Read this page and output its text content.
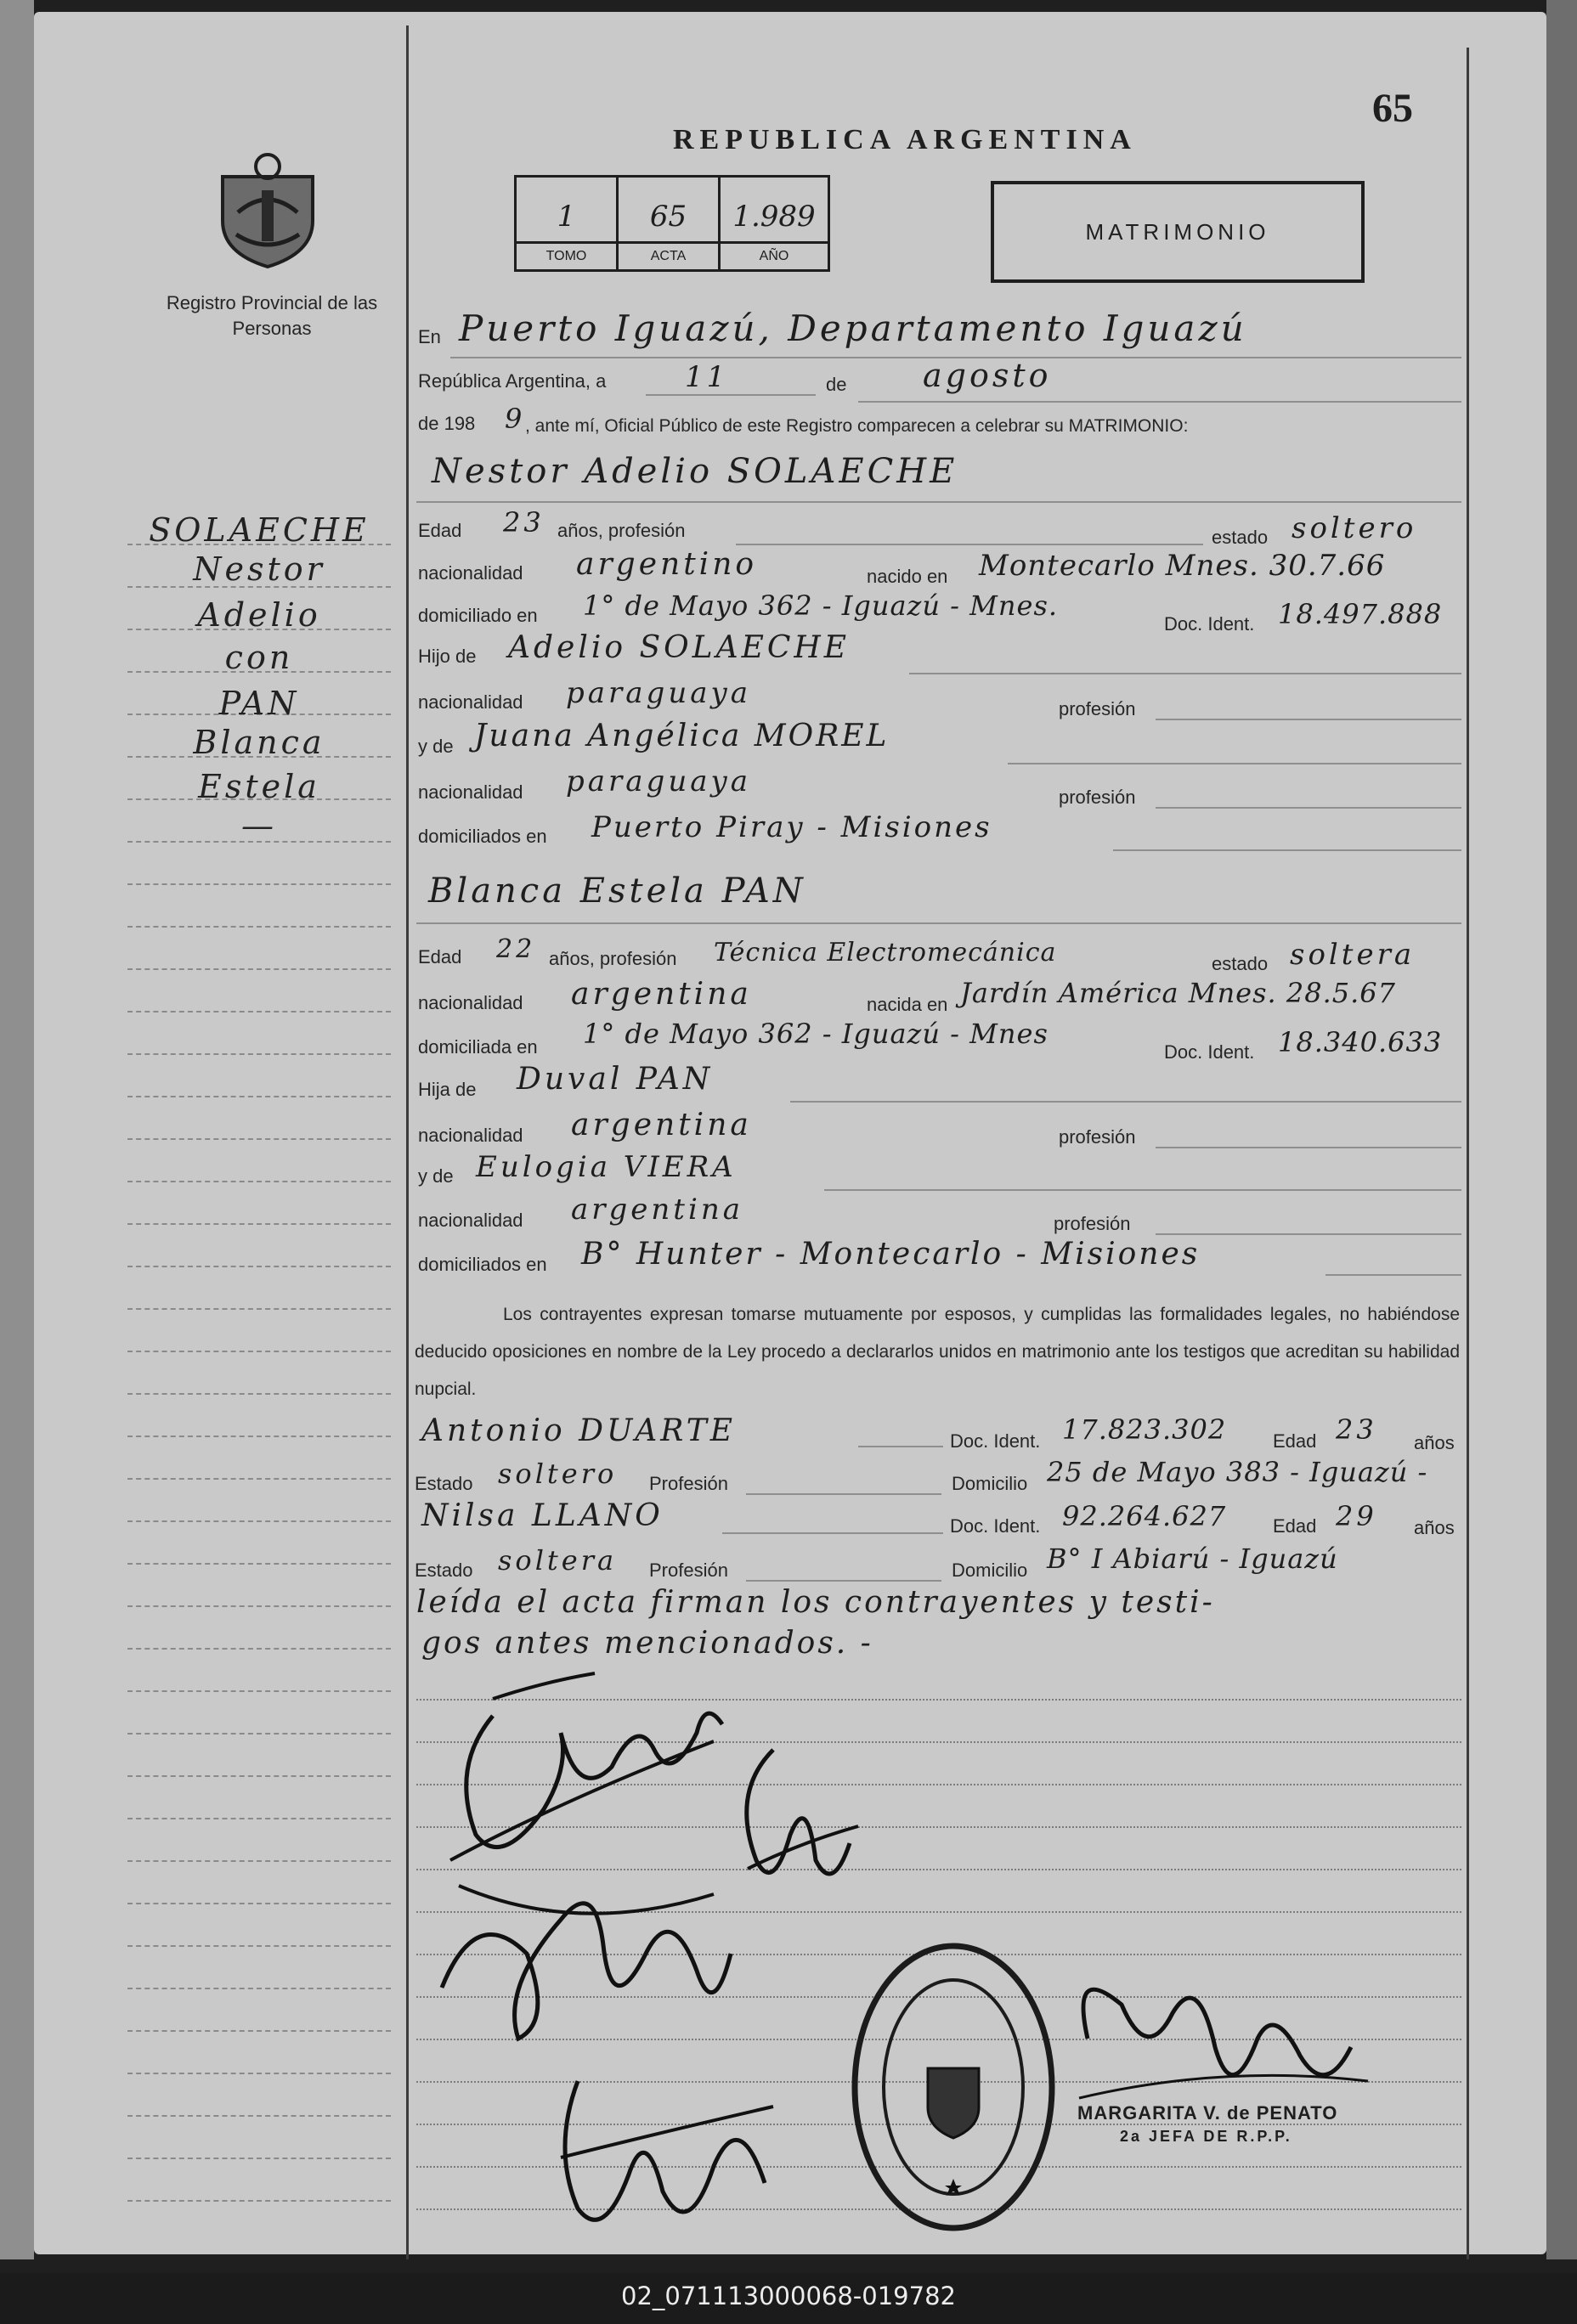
65
REPUBLICA ARGENTINA
Registro Provincial de las Personas
1
TOMO
65
ACTA
1.989
AÑO
MATRIMONIO
SOLAECHE
Nestor
Adelio
con
PAN
Blanca
Estela
—
En Puerto Iguazú, Departamento Iguazú
República Argentina, a	11	de agosto
de 198 9 , ante mí, Oficial Público de este Registro comparecen a celebrar su MATRIMONIO:
Nestor Adelio SOLAECHE
Edad 23 años, profesión	estado soltero
nacionalidad argentino	nacido en Montecarlo Mnes. 30.7.66
domiciliado en 1° de Mayo 362 - Iguazú - Mnes.
Doc. Ident. 18.497.888
Hijo de Adelio SOLAECHE
nacionalidad paraguaya	profesión
y de Juana Angélica MOREL
nacionalidad paraguaya	profesión
domiciliados en Puerto Piray - Misiones
Blanca Estela PAN
Edad 22 años, profesión Técnica Electromecánica	estado soltera
nacionalidad argentina	nacida en Jardín América Mnes. 28.5.67
domiciliada en 1° de Mayo 362 - Iguazú - Mnes
Doc. Ident. 18.340.633
Hija de Duval PAN
nacionalidad argentina	profesión
y de Eulogia VIERA
nacionalidad argentina	profesión
domiciliados en B° Hunter - Montecarlo - Misiones
Los contrayentes expresan tomarse mutuamente por esposos, y cumplidas las formalidades legales, no habiéndose deducido oposiciones en nombre de la Ley procedo a declararlos unidos en matrimonio ante los testigos que acreditan su habilidad nupcial.
Antonio DUARTE	Doc. Ident. 17.823.302 Edad 23 años
Estado soltero Profesión	Domicilio 25 de Mayo 383 - Iguazú -
Nilsa LLANO	Doc. Ident. 92.264.627 Edad 29 años
Estado soltera Profesión	Domicilio B° I Abiarú - Iguazú
leída el acta firman los contrayentes y testi-
gos antes mencionados. -
MARGARITA V. de PENATO
2a JEFA DE R.P.P.
02_071113000068-019782
